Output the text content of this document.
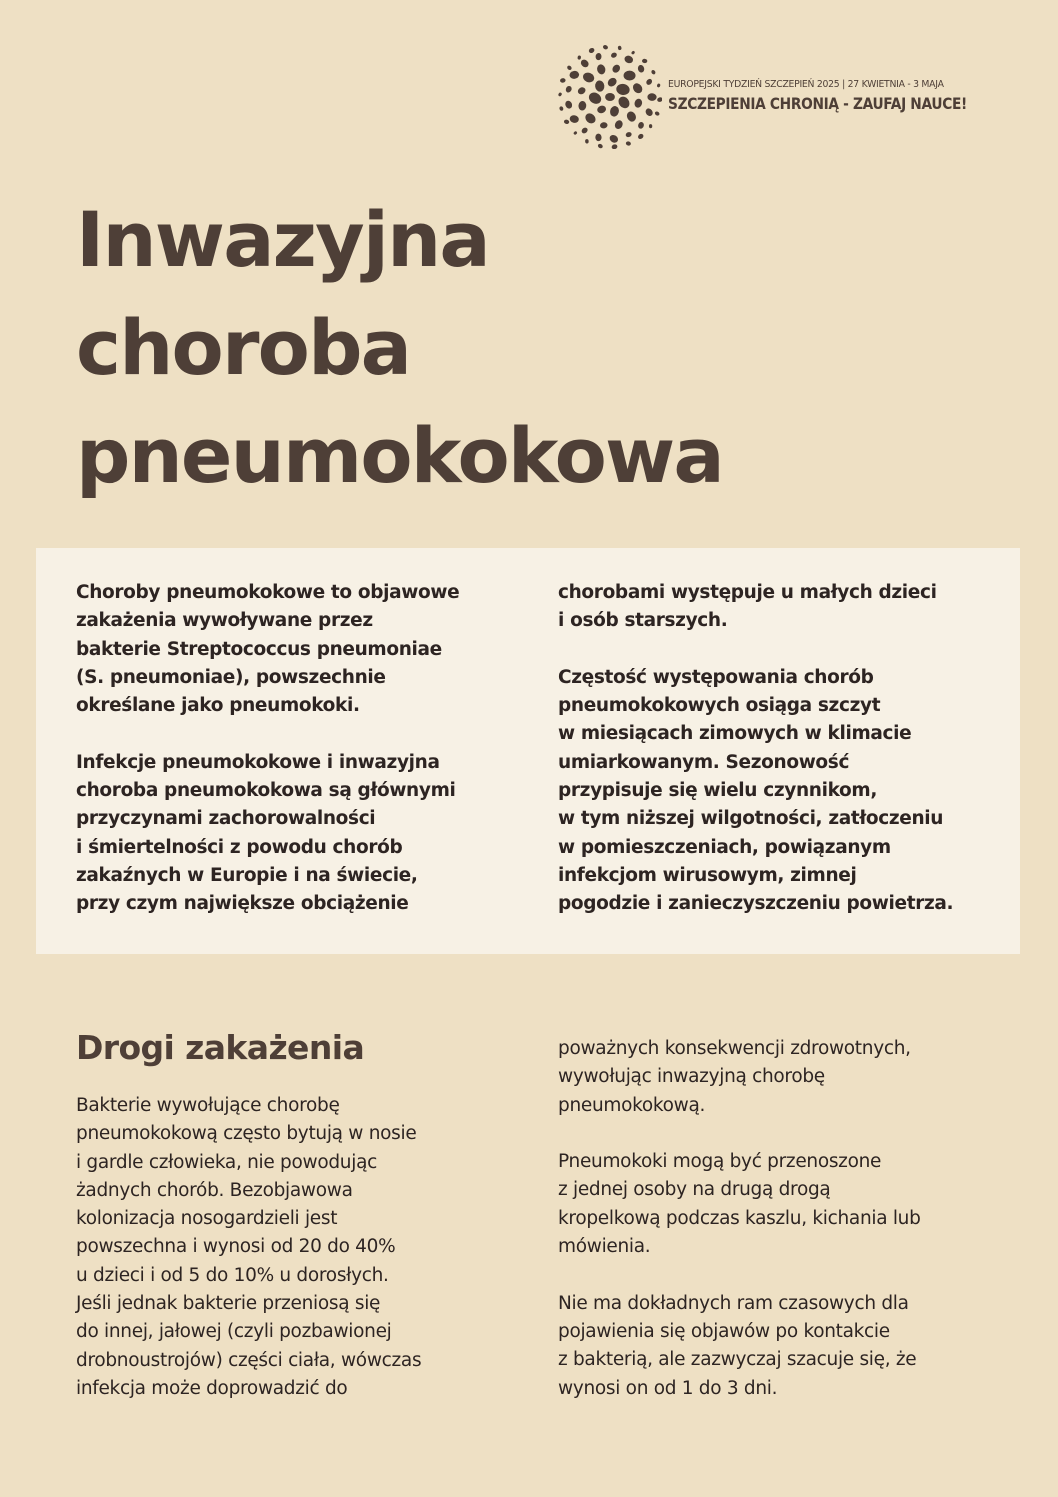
EUROPEJSKI TYDZIEŃ SZCZEPIEŃ 2025 | 27 KWIETNIA - 3 MAJA
SZCZEPIENIA CHRONIĄ - ZAUFAJ NAUCE!
Inwazyjna
choroba
pneumokokowa

Choroby pneumokokowe to objawowe
zakażenia wywoływane przez
bakterie Streptococcus pneumoniae
(S. pneumoniae), powszechnie
określane jako pneumokoki.

Infekcje pneumokokowe i inwazyjna
choroba pneumokokowa są głównymi
przyczynami zachorowalności
i śmiertelności z powodu chorób
zakaźnych w Europie i na świecie,
przy czym największe obciążenie

chorobami występuje u małych dzieci
i osób starszych.

Częstość występowania chorób
pneumokokowych osiąga szczyt
w miesiącach zimowych w klimacie
umiarkowanym. Sezonowość
przypisuje się wielu czynnikom,
w tym niższej wilgotności, zatłoczeniu
w pomieszczeniach, powiązanym
infekcjom wirusowym, zimnej
pogodzie i zanieczyszczeniu powietrza.

Drogi zakażenia

Bakterie wywołujące chorobę
pneumokokową często bytują w nosie
i gardle człowieka, nie powodując
żadnych chorób. Bezobjawowa
kolonizacja nosogardzieli jest
powszechna i wynosi od 20 do 40%
u dzieci i od 5 do 10% u dorosłych.
Jeśli jednak bakterie przeniosą się
do innej, jałowej (czyli pozbawionej
drobnoustrojów) części ciała, wówczas
infekcja może doprowadzić do

poważnych konsekwencji zdrowotnych,
wywołując inwazyjną chorobę
pneumokokową.

Pneumokoki mogą być przenoszone
z jednej osoby na drugą drogą
kropelkową podczas kaszlu, kichania lub
mówienia.

Nie ma dokładnych ram czasowych dla
pojawienia się objawów po kontakcie
z bakterią, ale zazwyczaj szacuje się, że
wynosi on od 1 do 3 dni.
